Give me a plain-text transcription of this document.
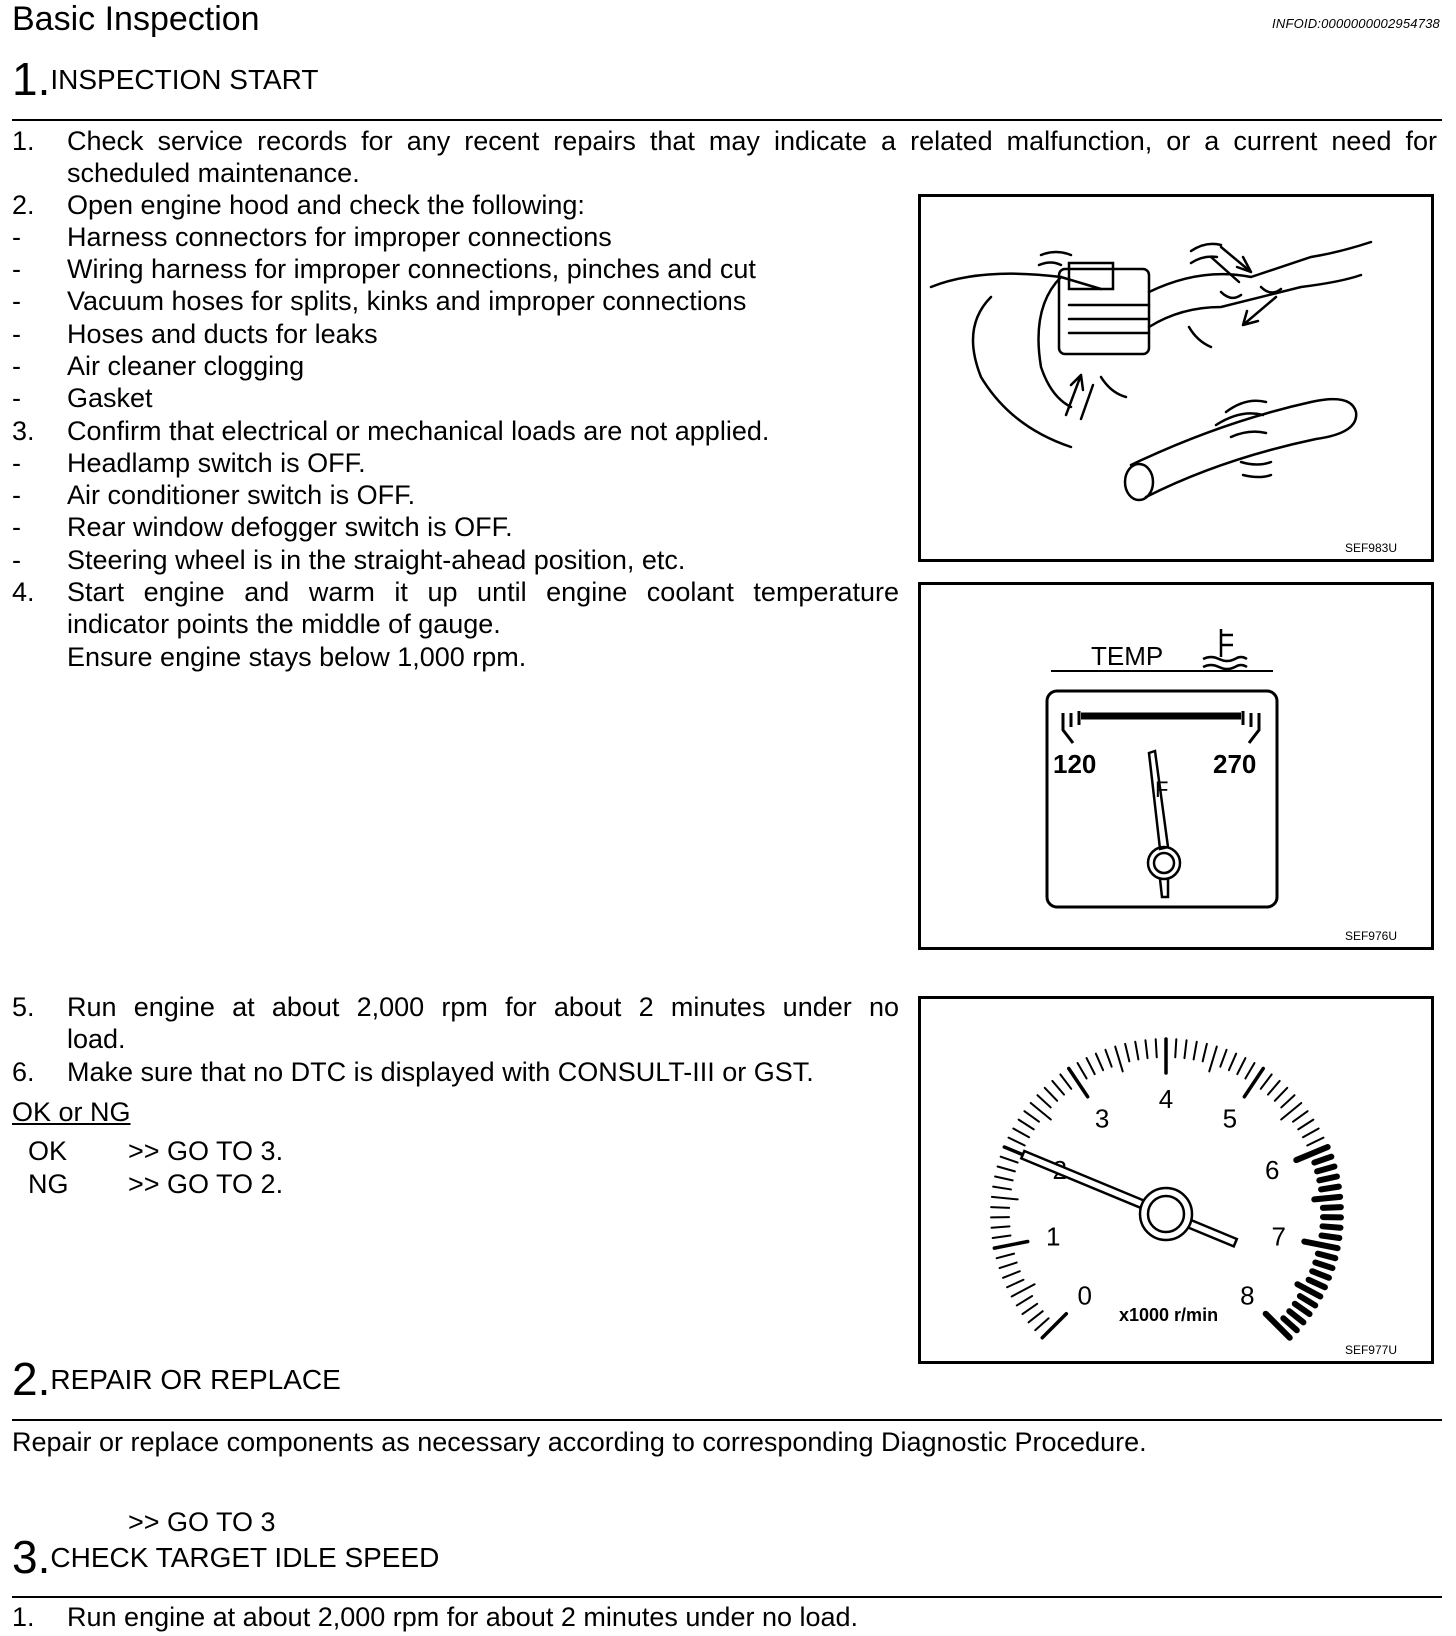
Basic Inspection	INFOID:0000000002954738
1.INSPECTION START
1. Check service records for any recent repairs that may indicate a related malfunction, or a current need for
scheduled maintenance.
2. Open engine hood and check the following:
- Harness connectors for improper connections
- Wiring harness for improper connections, pinches and cut
- Vacuum hoses for splits, kinks and improper connections
- Hoses and ducts for leaks
- Air cleaner clogging
- Gasket
3. Confirm that electrical or mechanical loads are not applied.
- Headlamp switch is OFF.
- Air conditioner switch is OFF.
- Rear window defogger switch is OFF.
- Steering wheel is in the straight-ahead position, etc.
4. Start engine and warm it up until engine coolant temperature
indicator points the middle of gauge.
Ensure engine stays below 1,000 rpm.
5. Run engine at about 2,000 rpm for about 2 minutes under no
load.
6. Make sure that no DTC is displayed with CONSULT-III or GST.
OK or NG
OK >> GO TO 3.
NG >> GO TO 2.
SEF983U
TEMP
120	270
F
SEF976U
0
1
3
4
5
6
7
8
x1000 r/min
SEF977U
2.REPAIR OR REPLACE
Repair or replace components as necessary according to corresponding Diagnostic Procedure.
>> GO TO 3
3.CHECK TARGET IDLE SPEED
1. Run engine at about 2,000 rpm for about 2 minutes under no load.
